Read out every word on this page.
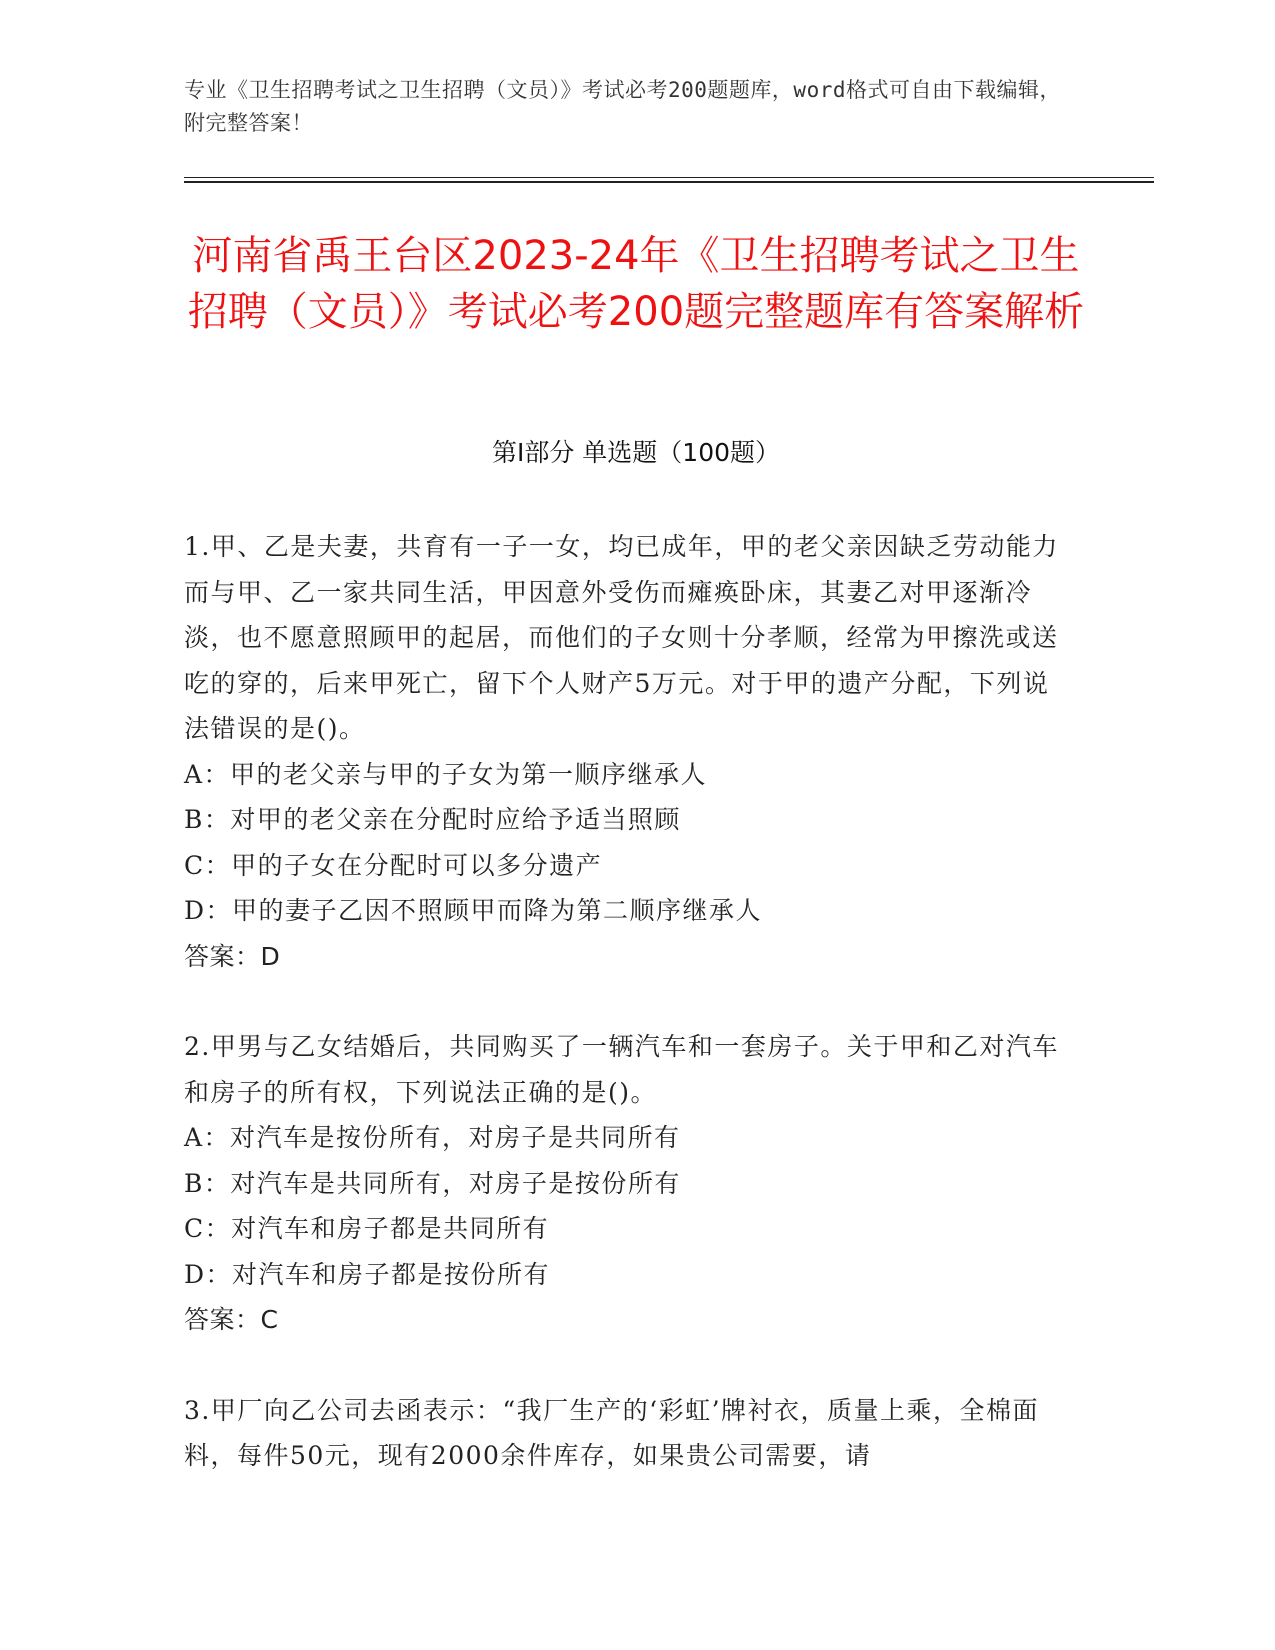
专业《卫生招聘考试之卫生招聘（文员）》考试必考200题题库，word格式可自由下载编辑，附完整答案！
河南省禹王台区2023-24年《卫生招聘考试之卫生招聘（文员）》考试必考200题完整题库有答案解析
第I部分 单选题（100题）
1.甲、乙是夫妻，共育有一子一女，均已成年，甲的老父亲因缺乏劳动能力而与甲、乙一家共同生活，甲因意外受伤而瘫痪卧床，其妻乙对甲逐渐冷淡，也不愿意照顾甲的起居，而他们的子女则十分孝顺，经常为甲擦洗或送吃的穿的，后来甲死亡，留下个人财产5万元。对于甲的遗产分配，下列说法错误的是()。
A：甲的老父亲与甲的子女为第一顺序继承人
B：对甲的老父亲在分配时应给予适当照顾
C：甲的子女在分配时可以多分遗产
D：甲的妻子乙因不照顾甲而降为第二顺序继承人
答案：D
2.甲男与乙女结婚后，共同购买了一辆汽车和一套房子。关于甲和乙对汽车和房子的所有权，下列说法正确的是()。
A：对汽车是按份所有，对房子是共同所有
B：对汽车是共同所有，对房子是按份所有
C：对汽车和房子都是共同所有
D：对汽车和房子都是按份所有
答案：C
3.甲厂向乙公司去函表示：“我厂生产的‘彩虹’牌衬衣，质量上乘，全棉面料，每件50元，现有2000余件库存，如果贵公司需要，请
